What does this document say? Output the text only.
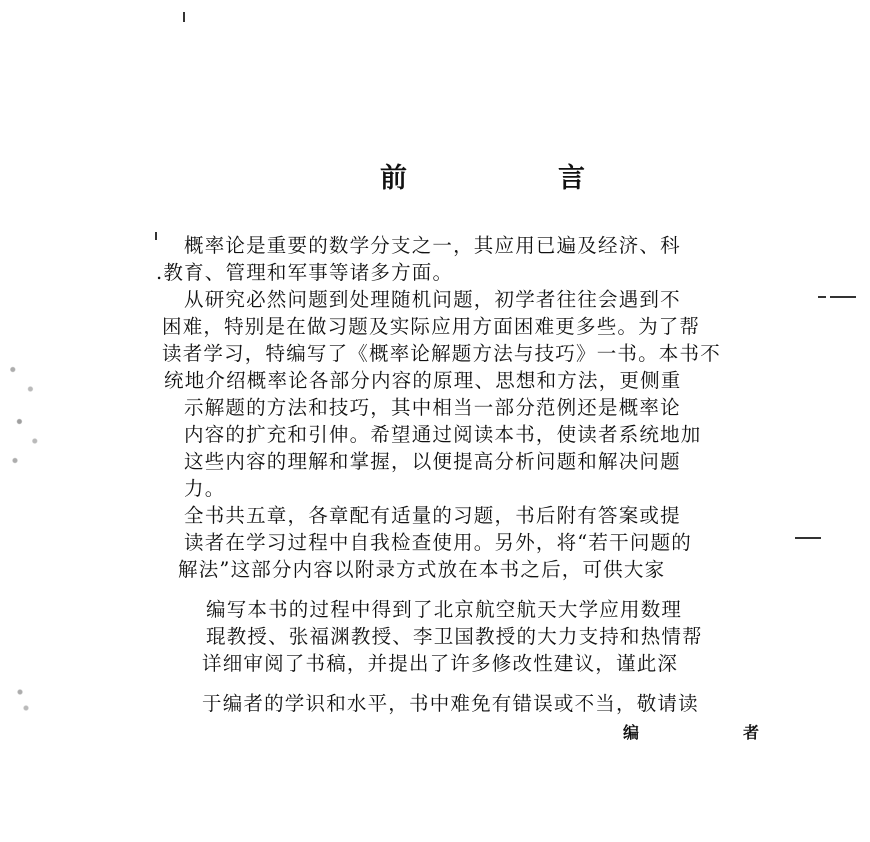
前　言
概率论是重要的数学分支之一，其应用已遍及经济、科
.教育、管理和军事等诸多方面。
从研究必然问题到处理随机问题，初学者往往会遇到不
困难，特别是在做习题及实际应用方面困难更多些。为了帮
读者学习，特编写了《概率论解题方法与技巧》一书。本书不
统地介绍概率论各部分内容的原理、思想和方法，更侧重
示解题的方法和技巧，其中相当一部分范例还是概率论
内容的扩充和引伸。希望通过阅读本书，使读者系统地加
这些内容的理解和掌握，以便提高分析问题和解决问题
力。
全书共五章，各章配有适量的习题，书后附有答案或提
读者在学习过程中自我检查使用。另外，将“若干问题的
解法”这部分内容以附录方式放在本书之后，可供大家
编写本书的过程中得到了北京航空航天大学应用数理
琨教授、张福渊教授、李卫国教授的大力支持和热情帮
详细审阅了书稿，并提出了许多修改性建议，谨此深
于编者的学识和水平，书中难免有错误或不当，敬请读
编　者
